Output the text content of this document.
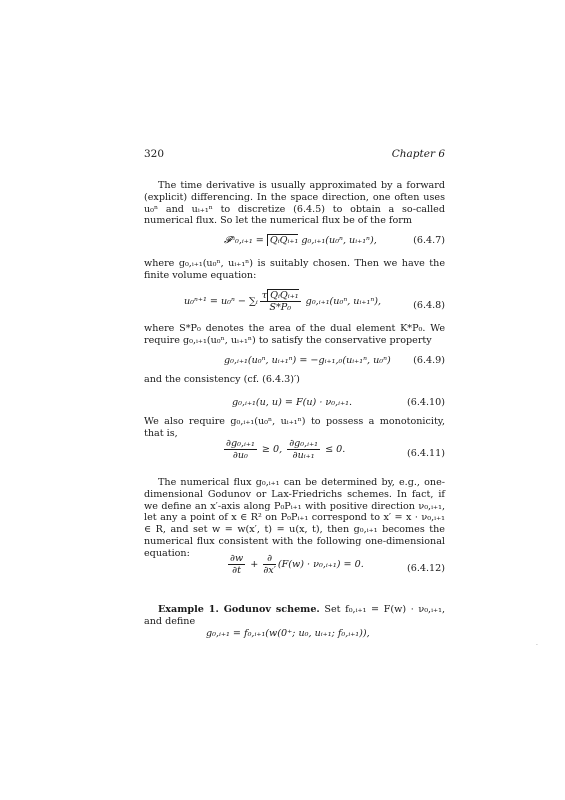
320	Chapter 6
The time derivative is usually approximated by a forward (explicit) differencing. In the space direction, one often uses u₀ⁿ and uᵢ₊₁ⁿ to discretize (6.4.5) to obtain a so-called numerical flux. So let the numerical flux be of the form
𝓕ⁿ₀,ᵢ₊₁ = QᵢQᵢ₊₁ g₀,ᵢ₊₁(u₀ⁿ, uᵢ₊₁ⁿ),	(6.4.7)
where g₀,ᵢ₊₁(u₀ⁿ, uᵢ₊₁ⁿ) is suitably chosen. Then we have the finite volume equation:
u₀ⁿ⁺¹ = u₀ⁿ − ∑ᵢ $\frac{\text{τ QᵢQᵢ₊₁}}{\text{S*P₀}}$ g₀,ᵢ₊₁(u₀ⁿ, uᵢ₊₁ⁿ),	(6.4.8)
where S*P₀ denotes the area of the dual element K*P₀. We require g₀,ᵢ₊₁(u₀ⁿ, uᵢ₊₁ⁿ) to satisfy the conservative property
g₀,ᵢ₊₁(u₀ⁿ, uᵢ₊₁ⁿ) = −gᵢ₊₁,₀(uᵢ₊₁ⁿ, u₀ⁿ) (6.4.9)
and the consistency (cf. (6.4.3)′)
g₀,ᵢ₊₁(u, u) = F(u) · ν₀,ᵢ₊₁.	(6.4.10)
We also require g₀,ᵢ₊₁(u₀ⁿ, uᵢ₊₁ⁿ) to possess a monotonicity, that is,
$\frac{\text{∂g₀,ᵢ₊₁}}{\text{∂u₀}} \ge 0$, $\frac{\text{∂g₀,ᵢ₊₁}}{\text{∂uᵢ₊₁}} \le 0$.	(6.4.11)
The numerical flux g₀,ᵢ₊₁ can be determined by, e.g., one-dimensional Godunov or Lax-Friedrichs schemes. In fact, if we define an x′-axis along P₀Pᵢ₊₁ with positive direction ν₀,ᵢ₊₁, let any a point of x ∈ R² on P₀Pᵢ₊₁ correspond to x′ = x · ν₀,ᵢ₊₁ ∈ R, and set w = w(x′, t) = u(x, t), then g₀,ᵢ₊₁ becomes the numerical flux consistent with the following one-dimensional equation:	$\frac{\partial w}{\partial t} + \frac{\partial}{\partial x'} (F(w)$ · ν₀,ᵢ₊₁) = 0.	(6.4.12)
Example 1. Godunov scheme. Set f₀,ᵢ₊₁ = F(w) · ν₀,ᵢ₊₁, and define
g₀,ᵢ₊₁ = f₀,ᵢ₊₁(w(0⁺; u₀, uᵢ₊₁; f₀,ᵢ₊₁)),
·
